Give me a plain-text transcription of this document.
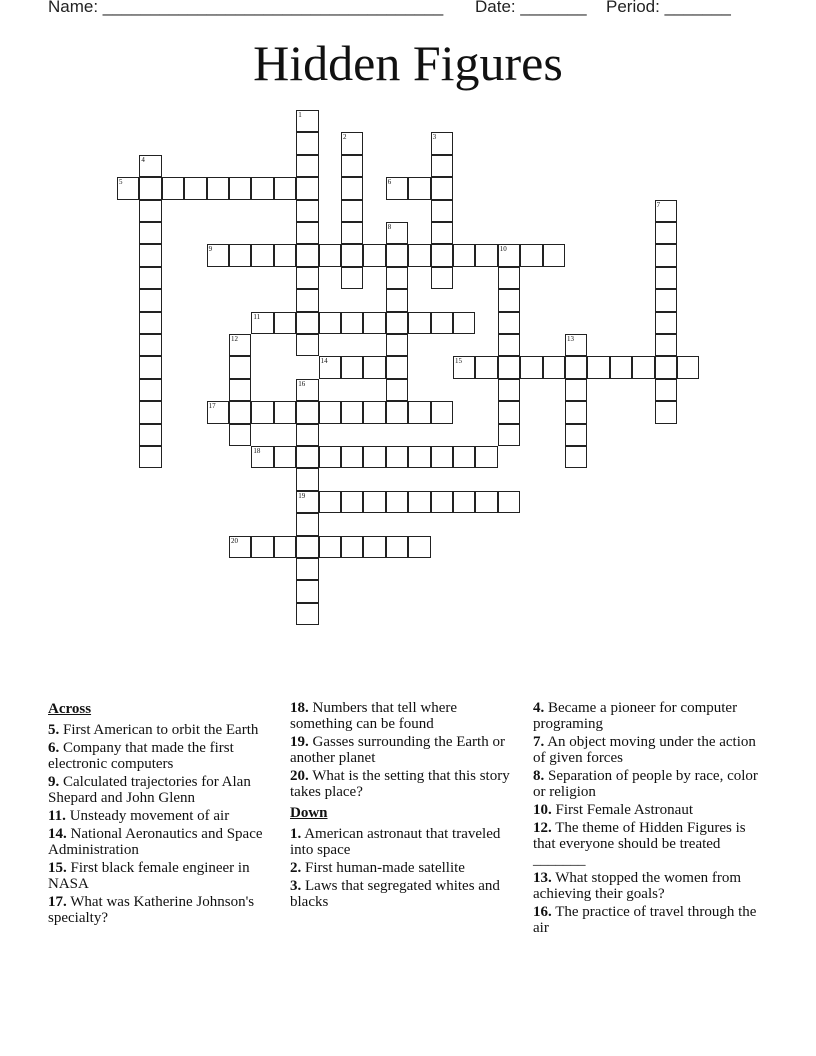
Name: ____________________________________ Date: _______ Period: _______
Hidden Figures
1
2	3
4
5	6
7
8
9	10
11
12	13
14	15
16
17
18
19
20
Across
5. First American to orbit the Earth
6. Company that made the first electronic computers
9. Calculated trajectories for Alan Shepard and John Glenn
11. Unsteady movement of air
14. National Aeronautics and Space Administration
15. First black female engineer in NASA
17. What was Katherine Johnson's specialty?
18. Numbers that tell where something can be found
19. Gasses surrounding the Earth or another planet
20. What is the setting that this story takes place?
Down
1. American astronaut that traveled into space
2. First human-made satellite
3. Laws that segregated whites and blacks
4. Became a pioneer for computer programing
7. An object moving under the action of given forces
8. Separation of people by race, color or religion
10. First Female Astronaut
12. The theme of Hidden Figures is that everyone should be treated _______
13. What stopped the women from achieving their goals?
16. The practice of travel through the air
